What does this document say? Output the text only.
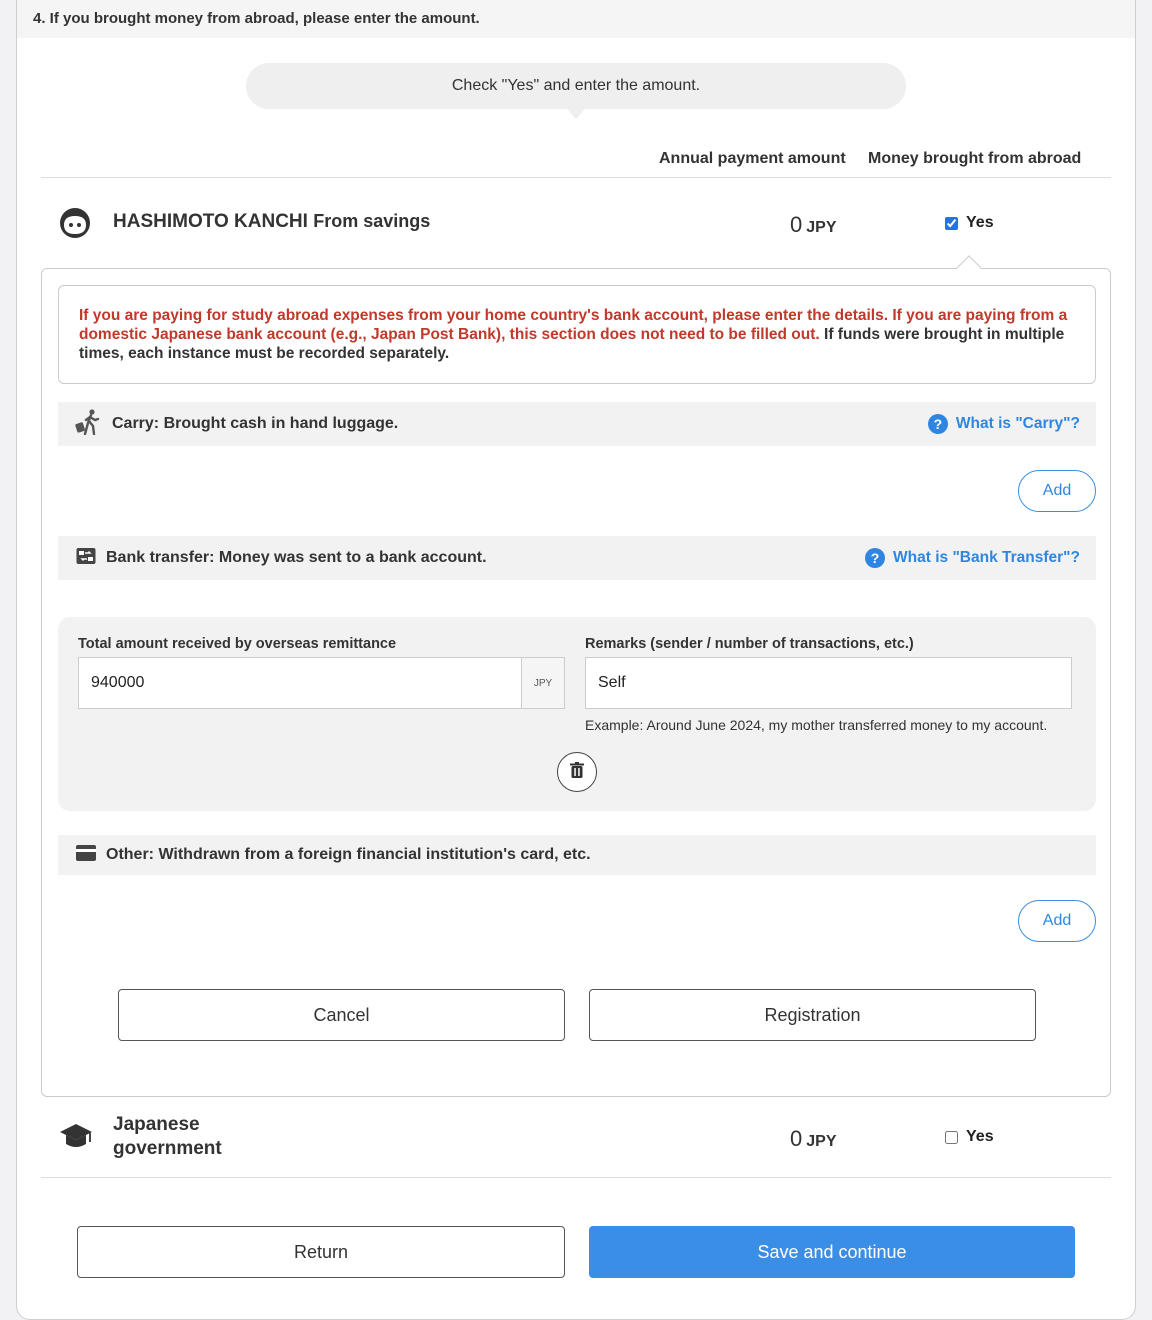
4. If you brought money from abroad, please enter the amount.
Check "Yes" and enter the amount.
Annual payment amount Money brought from abroad
HASHIMOTO KANCHI From savings	0 JPY	Yes
If you are paying for study abroad expenses from your home country's bank account, please enter the details. If you are paying from a domestic Japanese bank account (e.g., Japan Post Bank), this section does not need to be filled out. If funds were brought in multiple times, each instance must be recorded separately.
Carry: Brought cash in hand luggage.	? What is "Carry"?
Add
Bank transfer: Money was sent to a bank account.	? What is "Bank Transfer"?
Total amount received by overseas remittance
940000
JPY
Remarks (sender / number of transactions, etc.)
Self
Example: Around June 2024, my mother transferred money to my account.
Other: Withdrawn from a foreign financial institution's card, etc.
Add
Cancel	Registration
Japanese government	0 JPY	Yes
Return	Save and continue
